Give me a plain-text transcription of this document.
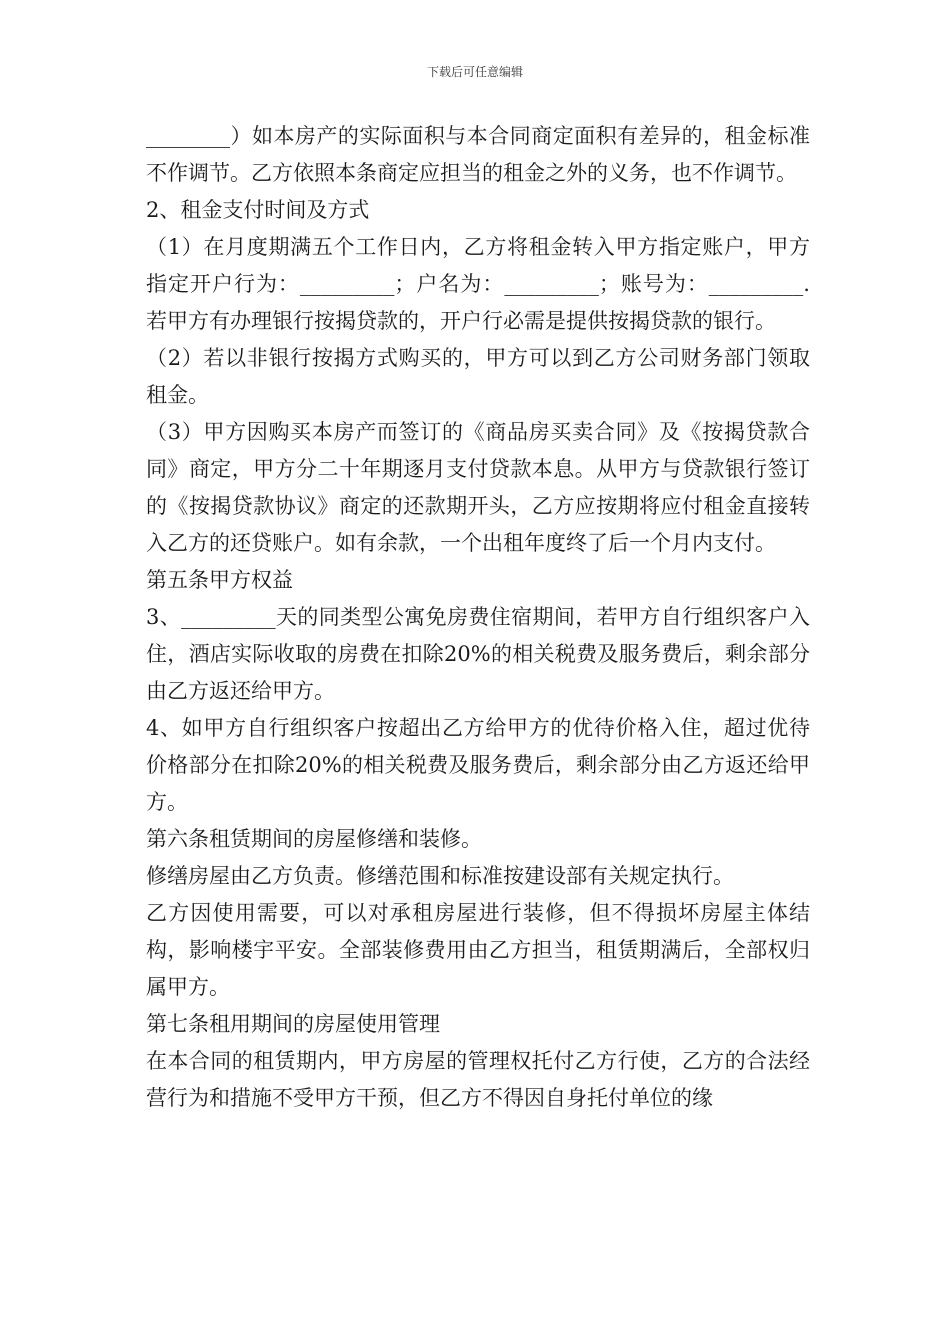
下载后可任意编辑

________）如本房产的实际面积与本合同商定面积有差异的，租金标准不作调节。乙方依照本条商定应担当的租金之外的义务，也不作调节。

2、租金支付时间及方式

（1）在月度期满五个工作日内，乙方将租金转入甲方指定账户，甲方指定开户行为：_________；户名为：_________；账号为：_________.若甲方有办理银行按揭贷款的，开户行必需是提供按揭贷款的银行。

（2）若以非银行按揭方式购买的，甲方可以到乙方公司财务部门领取租金。

（3）甲方因购买本房产而签订的《商品房买卖合同》及《按揭贷款合同》商定，甲方分二十年期逐月支付贷款本息。从甲方与贷款银行签订的《按揭贷款协议》商定的还款期开头，乙方应按期将应付租金直接转入乙方的还贷账户。如有余款，一个出租年度终了后一个月内支付。

第五条甲方权益

3、_________天的同类型公寓免房费住宿期间，若甲方自行组织客户入住，酒店实际收取的房费在扣除20%的相关税费及服务费后，剩余部分由乙方返还给甲方。

4、如甲方自行组织客户按超出乙方给甲方的优待价格入住，超过优待价格部分在扣除20%的相关税费及服务费后，剩余部分由乙方返还给甲方。

第六条租赁期间的房屋修缮和装修。

修缮房屋由乙方负责。修缮范围和标准按建设部有关规定执行。

乙方因使用需要，可以对承租房屋进行装修，但不得损坏房屋主体结构，影响楼宇平安。全部装修费用由乙方担当，租赁期满后，全部权归属甲方。

第七条租用期间的房屋使用管理

在本合同的租赁期内，甲方房屋的管理权托付乙方行使，乙方的合法经营行为和措施不受甲方干预，但乙方不得因自身托付单位的缘
